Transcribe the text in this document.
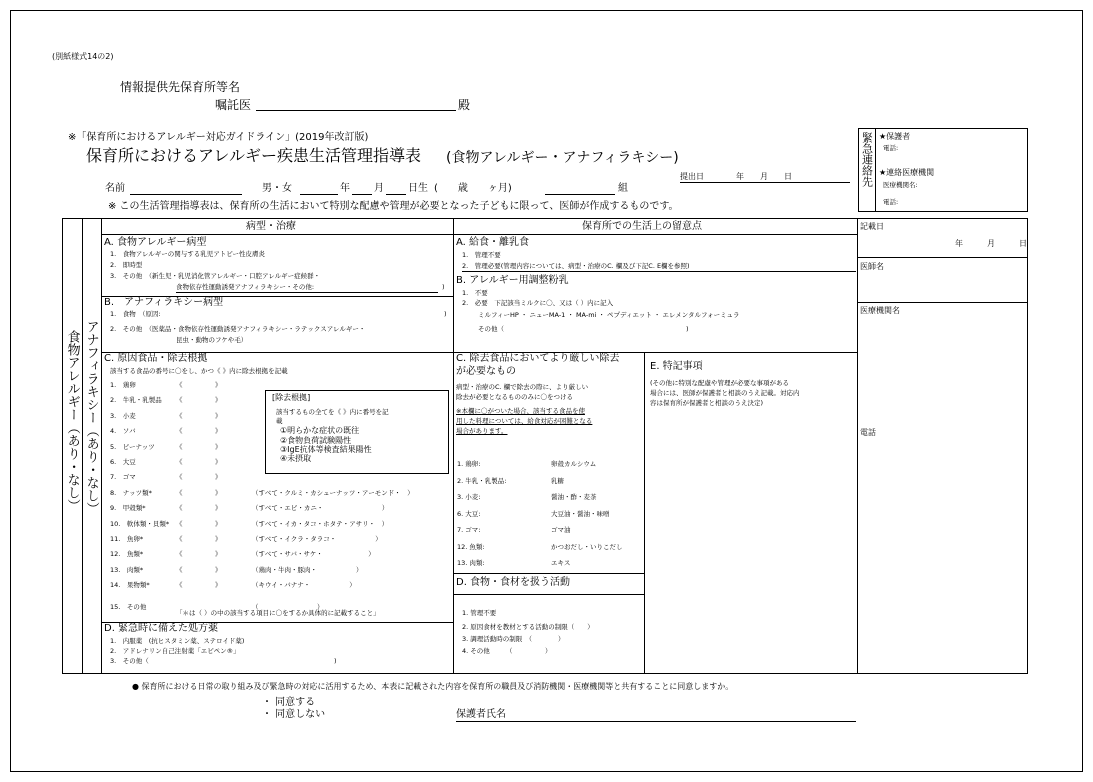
(別紙様式14の2)
情報提供先保育所等名
嘱託医	殿
※「保育所におけるアレルギー対応ガイドライン」(2019年改訂版)
保育所におけるアレルギー疾患生活管理指導表 (食物アレルギー・アナフィラキシー)
提出日　　　　年　　月　　日
名前	男・女	年 月 日生 (　　歳　　ヶ月)	組
※ この生活管理指導表は、保育所の生活において特別な配慮や管理が必要となった子どもに限って、医師が作成するものです。
緊急連絡先 ★保護者
電話:
★連絡医療機関
医療機関名:
電話:
食物アレルギー（あり・なし） アナフィラキシー（あり・なし）
病型・治療	保育所での生活上の留意点	記載日
年　　　月　　　日
医師名
医療機関名
電話
A. 食物アレルギー病型
1.　食物アレルギーの関与する乳児アトピー性皮膚炎
2.　即時型
3.　その他　（新生児・乳児消化管アレルギー・口腔アレルギー症候群・
食物依存性運動誘発アナフィラキシー・その他:	)
B.　アナフィラキシー病型
1.　食物　（原因:	)
2.　その他　（医薬品・食物依存性運動誘発アナフィラキシー・ラテックスアレルギー・
昆虫・動物のフケや毛）
C. 原因食品・除去根拠
該当する食品の番号に〇をし、かつ《 》内に除去根拠を記載
1.　鶏卵	《　　　　　》
2.　牛乳・乳製品 《　　　　　》
3.　小麦	《　　　　　》
4.　ソバ	《　　　　　》
5.　ピーナッツ	《　　　　　》
6.　大豆	《　　　　　》
7.　ゴマ	《　　　　　》
8.　ナッツ類*	《　　　　　》	（すべて・クルミ・カシューナッツ・アーモンド・　）
9.　甲殻類*	《　　　　　》	（すべて・エビ・カニ・　　　　　　　　　）
10.　軟体類・貝類* 《　　　　　》	（すべて・イカ・タコ・ホタテ・アサリ・　）
11.　魚卵*	《　　　　　》	（すべて・イクラ・タラコ・　　　　　　）
12.　魚類*	《　　　　　》	（すべて・サバ・サケ・　　　　　　　）
13.　肉類*	《　　　　　》	（鶏肉・牛肉・豚肉・　　　　　　）
14.　果物類*	《　　　　　》	（キウイ・バナナ・　　　　　　）
15.　その他	（　　　　　　　　　）
[除去根拠]
該当するもの全てを《 》内に番号を記
載
①明らかな症状の既往
②食物負荷試験陽性
③IgE抗体等検査結果陽性
④未摂取
「＊は（ ）の中の該当する項目に〇をするか具体的に記載すること」
D. 緊急時に備えた処方薬
1.　内服薬　(抗ヒスタミン薬、ステロイド薬)
2.　アドレナリン自己注射薬「エピペン®」
3.　その他（	)
A. 給食・離乳食
1.　管理不要
2.　管理必要(管理内容については、病型・治療のC. 欄及び下記C. E欄を参照)
B. アレルギー用調整粉乳
1.　不要
2.　必要　下記該当ミルクに〇、又は（ ）内に記入
ミルフィーHP ・ ニューMA-1 ・ MA-mi ・ ペプディエット ・ エレメンタルフォーミュラ
その他（	)
C. 除去食品においてより厳しい除去
が必要なもの
病型・治療のC. 欄で除去の際に、より厳しい
除去が必要となるもののみに〇をつける
※本欄に〇がついた場合、該当する食品を使
用した料理については、給食対応が困難となる
場合があります。
1. 鶏卵:	卵殻カルシウム
2. 牛乳・乳製品:	乳糖
3. 小麦:	醤油・酢・麦茶
6. 大豆:	大豆油・醤油・味噌
7. ゴマ:	ゴマ油
12. 魚類:	かつおだし・いりこだし
13. 肉類:	エキス
D. 食物・食材を扱う活動
1. 管理不要
2. 原因食材を教材とする活動の制限（　　）
3. 調理活動時の制限　（　　　　）
4. その他　　　（　　　　　）
E. 特記事項
(その他に特別な配慮や管理が必要な事項がある
場合には、医師が保護者と相談のうえ記載。対応内
容は保育所が保護者と相談のうえ決定)
● 保育所における日常の取り組み及び緊急時の対応に活用するため、本表に記載された内容を保育所の職員及び消防機関・医療機関等と共有することに同意しますか。
・ 同意する
・ 同意しない	保護者氏名
